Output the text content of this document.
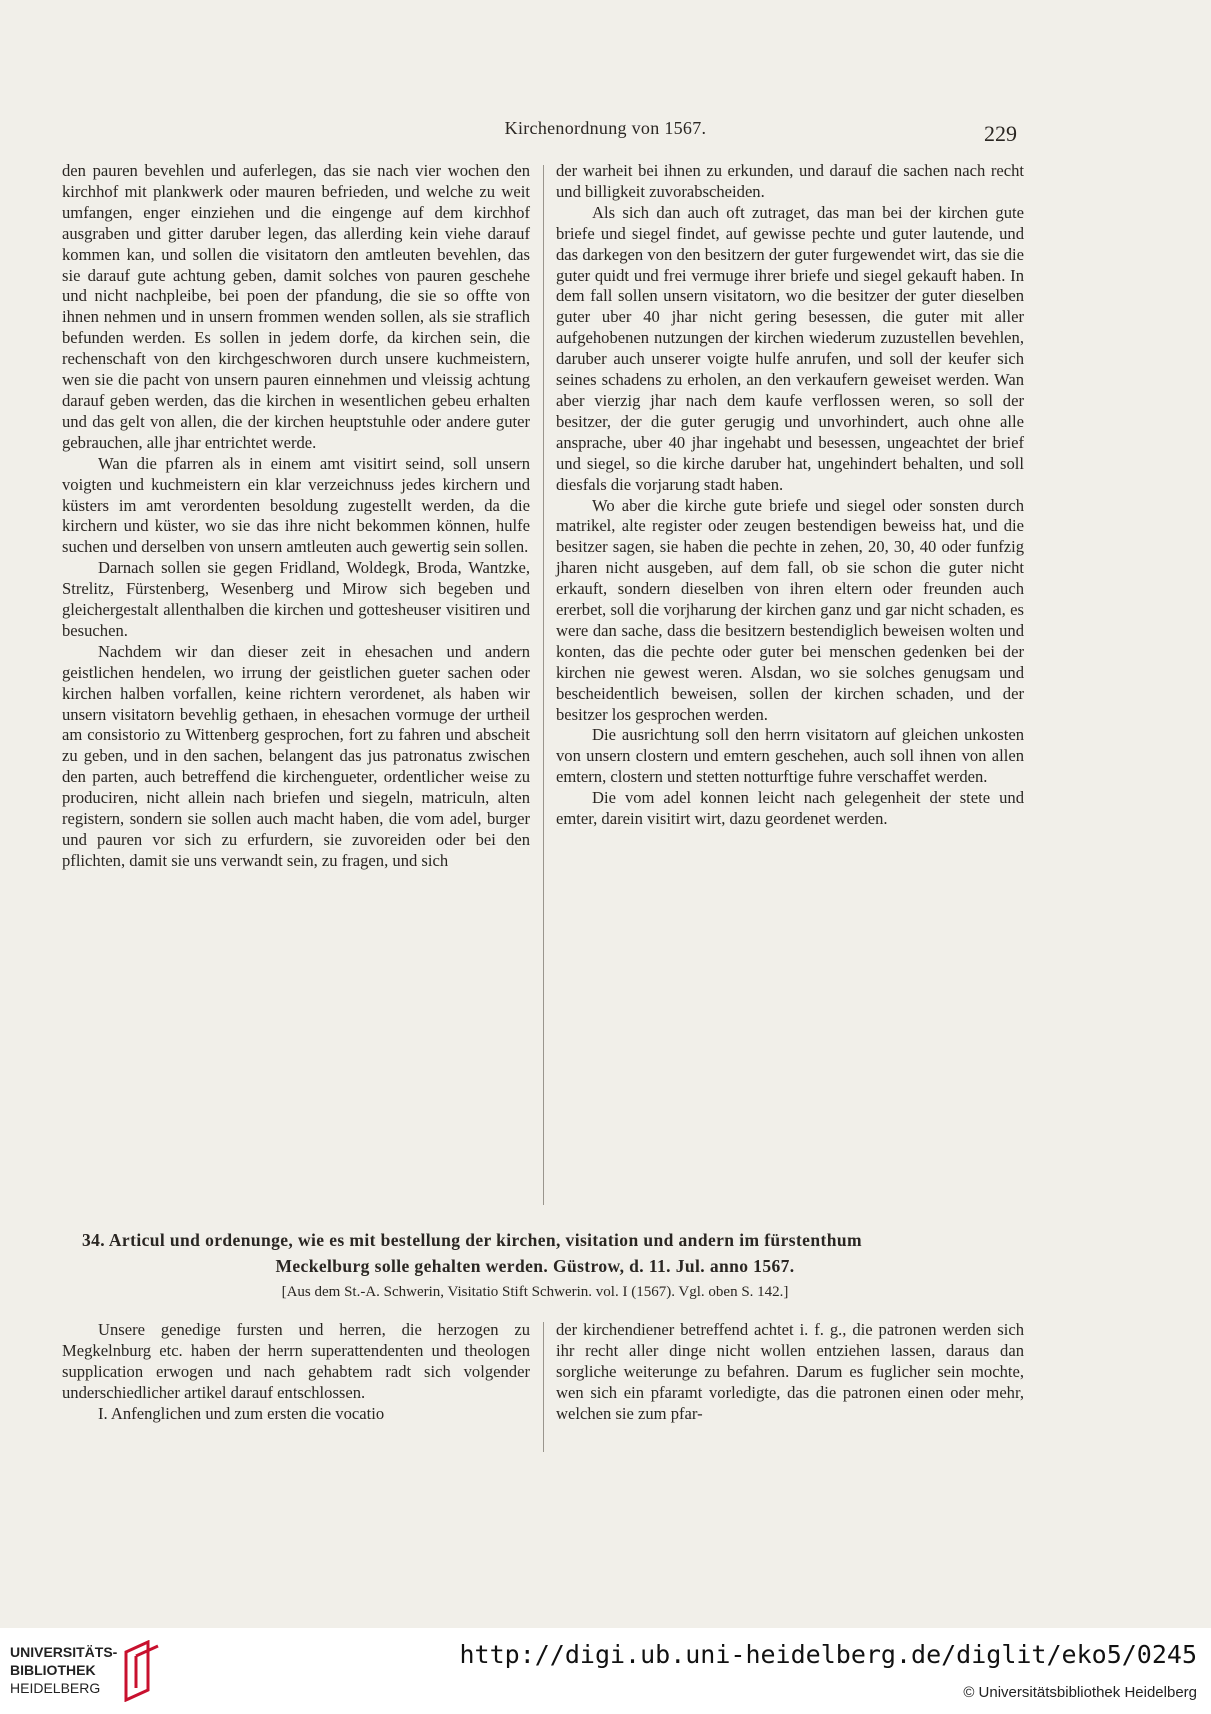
Kirchenordnung von 1567.	229

den pauren bevehlen und auferlegen, das sie nach vier wochen den kirchhof mit plankwerk oder mauren befrieden, und welche zu weit umfangen, enger einziehen und die eingenge auf dem kirchhof ausgraben und gitter daruber legen, das allerding kein viehe darauf kommen kan, und sollen die visitatorn den amtleuten bevehlen, das sie darauf gute achtung geben, damit solches von pauren geschehe und nicht nachpleibe, bei poen der pfandung, die sie so offte von ihnen nehmen und in unsern frommen wenden sollen, als sie straflich befunden werden. Es sollen in jedem dorfe, da kirchen sein, die rechenschaft von den kirchgeschworen durch unsere kuchmeistern, wen sie die pacht von unsern pauren einnehmen und vleissig achtung darauf geben werden, das die kirchen in wesentlichen gebeu erhalten und das gelt von allen, die der kirchen heuptstuhle oder andere guter gebrauchen, alle jhar entrichtet werde.

Wan die pfarren als in einem amt visitirt seind, soll unsern voigten und kuchmeistern ein klar verzeichnuss jedes kirchern und küsters im amt verordenten besoldung zugestellt werden, da die kirchern und küster, wo sie das ihre nicht bekommen können, hulfe suchen und derselben von unsern amtleuten auch gewertig sein sollen.

Darnach sollen sie gegen Fridland, Woldegk, Broda, Wantzke, Strelitz, Fürstenberg, Wesenberg und Mirow sich begeben und gleichergestalt allenthalben die kirchen und gottesheuser visitiren und besuchen.

Nachdem wir dan dieser zeit in ehesachen und andern geistlichen hendelen, wo irrung der geistlichen gueter sachen oder kirchen halben vorfallen, keine richtern verordenet, als haben wir unsern visitatorn bevehlig gethaen, in ehesachen vormuge der urtheil am consistorio zu Wittenberg gesprochen, fort zu fahren und abscheit zu geben, und in den sachen, belangent das jus patronatus zwischen den parten, auch betreffend die kirchengueter, ordentlicher weise zu produciren, nicht allein nach briefen und siegeln, matriculn, alten registern, sondern sie sollen auch macht haben, die vom adel, burger und pauren vor sich zu erfurdern, sie zuvoreiden oder bei den pflichten, damit sie uns verwandt sein, zu fragen, und sich

der warheit bei ihnen zu erkunden, und darauf die sachen nach recht und billigkeit zuvorabscheiden.

Als sich dan auch oft zutraget, das man bei der kirchen gute briefe und siegel findet, auf gewisse pechte und guter lautende, und das darkegen von den besitzern der guter furgewendet wirt, das sie die guter quidt und frei vermuge ihrer briefe und siegel gekauft haben. In dem fall sollen unsern visitatorn, wo die besitzer der guter dieselben guter uber 40 jhar nicht gering besessen, die guter mit aller aufgehobenen nutzungen der kirchen wiederum zuzustellen bevehlen, daruber auch unserer voigte hulfe anrufen, und soll der keufer sich seines schadens zu erholen, an den verkaufern geweiset werden. Wan aber vierzig jhar nach dem kaufe verflossen weren, so soll der besitzer, der die guter gerugig und unvorhindert, auch ohne alle ansprache, uber 40 jhar ingehabt und besessen, ungeachtet der brief und siegel, so die kirche daruber hat, ungehindert behalten, und soll diesfals die vorjarung stadt haben.

Wo aber die kirche gute briefe und siegel oder sonsten durch matrikel, alte register oder zeugen bestendigen beweiss hat, und die besitzer sagen, sie haben die pechte in zehen, 20, 30, 40 oder funfzig jharen nicht ausgeben, auf dem fall, ob sie schon die guter nicht erkauft, sondern dieselben von ihren eltern oder freunden auch ererbet, soll die vorjharung der kirchen ganz und gar nicht schaden, es were dan sache, dass die besitzern bestendiglich beweisen wolten und konten, das die pechte oder guter bei menschen gedenken bei der kirchen nie gewest weren. Alsdan, wo sie solches genugsam und bescheidentlich beweisen, sollen der kirchen schaden, und der besitzer los gesprochen werden.

Die ausrichtung soll den herrn visitatorn auf gleichen unkosten von unsern clostern und emtern geschehen, auch soll ihnen von allen emtern, clostern und stetten notturftige fuhre verschaffet werden.

Die vom adel konnen leicht nach gelegenheit der stete und emter, darein visitirt wirt, dazu geordenet werden.

34. Articul und ordenunge, wie es mit bestellung der kirchen, visitation und andern im fürstenthum
Meckelburg solle gehalten werden. Güstrow, d. 11. Jul. anno 1567.
[Aus dem St.-A. Schwerin, Visitatio Stift Schwerin. vol. I (1567). Vgl. oben S. 142.]

Unsere genedige fursten und herren, die herzogen zu Megkelnburg etc. haben der herrn superattendenten und theologen supplication erwogen und nach gehabtem radt sich volgender underschiedlicher artikel darauf entschlossen.

I. Anfenglichen und zum ersten die vocatio

der kirchendiener betreffend achtet i. f. g., die patronen werden sich ihr recht aller dinge nicht wollen entziehen lassen, daraus dan sorgliche weiterunge zu befahren. Darum es fuglicher sein mochte, wen sich ein pfaramt vorledigte, das die patronen einen oder mehr, welchen sie zum pfar-

UNIVERSITÄTS-
BIBLIOTHEK
HEIDELBERG
http://digi.ub.uni-heidelberg.de/diglit/eko5/0245
© Universitätsbibliothek Heidelberg
